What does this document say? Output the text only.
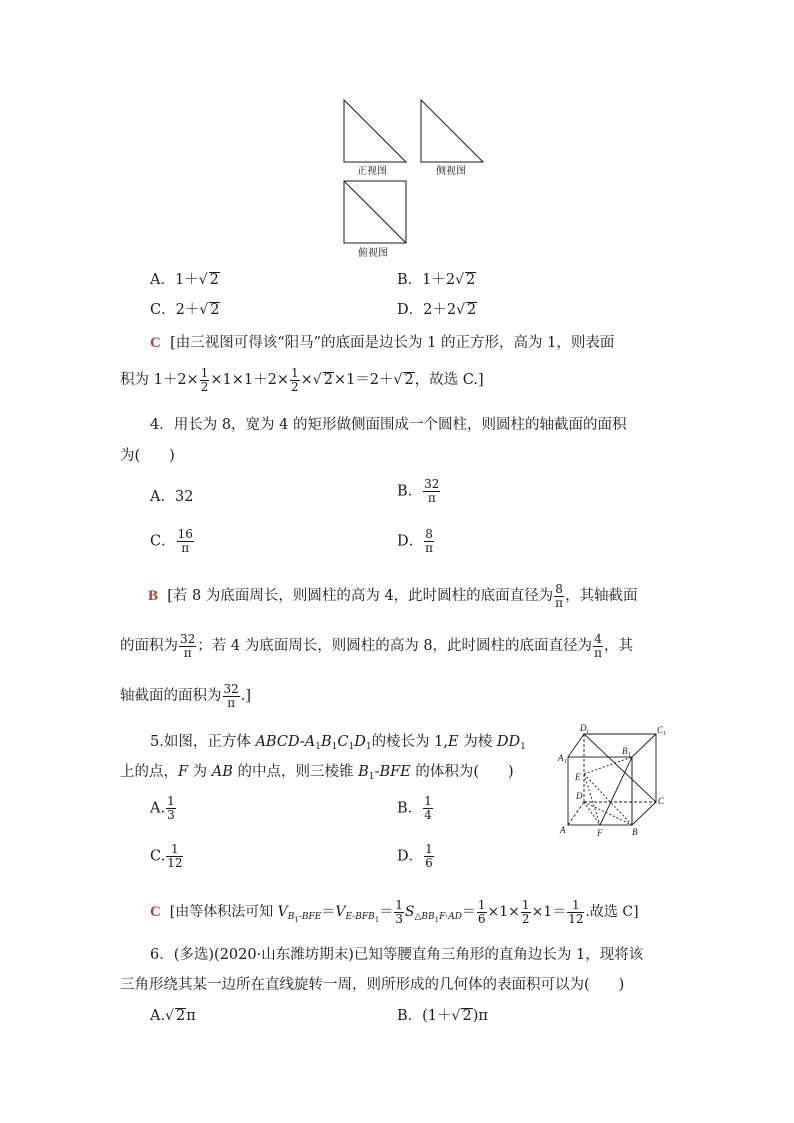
正视图	侧视图
俯视图
A．1＋√ 2	B．1＋2√ 2
C．2＋√ 2	D．2＋2√ 2
C [由三视图可得该“阳马”的底面是边长为 1 的正方形，高为 1，则表面
积为 $1+2\times \frac{1}{2} \times 1\times 1+2\times \frac{1}{2}$ ×√ 2×1＝2＋√ 2，故选 C.]
4．用长为 8，宽为 4 的矩形做侧面围成一个圆柱，则圆柱的轴截面的面积
为(　　)
A．32	B． $\frac{32}{\pi}$
C． $\frac{16}{\pi}$	D． $\frac{8}{\pi}$
B [若 8 为底面周长，则圆柱的高为 4，此时圆柱的底面直径为 $\frac{8}{\pi}$ ，其轴截面
的面积为 $\frac{32}{\pi}$ ；若 4 为底面周长，则圆柱的高为 8，此时圆柱的底面直径为 $\frac{4}{\pi}$ ，其
轴截面的面积为 $\frac{32}{\pi}$ .]
5.如图，正方体 ABCD-$A_1B_1C_1D_1$的棱长为 1,E 为棱 $DD_1$
上的点，F 为 AB 的中点，则三棱锥 $B_1$-BFE 的体积为(　　)
A. $\frac{1}{3}$	B． $\frac{1}{4}$
C. $\frac{1}{12}$	D． $\frac{1}{6}$
D	C
A
B
E
D	C
A	F	B
1	1
1
1
C [由等体积法可知 $V_{B_1-BFE}=V_{E-BFB_1}= \frac{1}{3} S_{\triangle BB_1F\cdot AD}= \frac{1}{6} \times 1\times \frac{1}{2} \times 1= \frac{1}{12}$ .故选 C]
6．(多选)(2020·山东潍坊期末)已知等腰直角三角形的直角边长为 1，现将该
三角形绕其某一边所在直线旋转一周，则所形成的几何体的表面积可以为(　　)
A.√ 2π	B．(1＋√ 2)π
